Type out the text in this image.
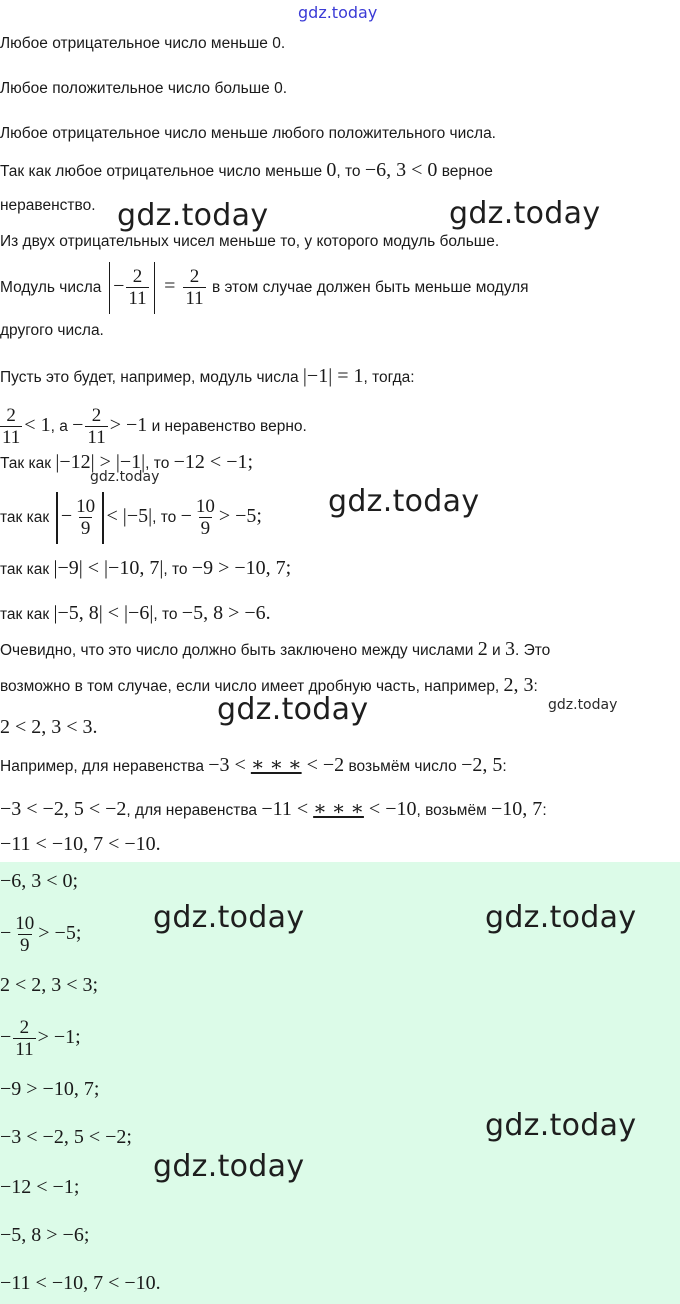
gdz.today
Любое отрицательное число меньше 0.
Любое положительное число больше 0.
Любое отрицательное число меньше любого положительного числа.
Так как любое отрицательное число меньше 0, то −6, 3 < 0 верное
неравенство.
Из двух отрицательных чисел меньше то, у которого модуль больше.
Модуль числа − $\frac{2}{11} = \frac{2}{11}$ в этом случае должен быть меньше модуля
другого числа.
Пусть это будет, например, модуль числа |−1| = 1, тогда:
$\frac{2}{11} < 1$, $а - \frac{2}{11} > -1$ и неравенство верно.
Так как |−12| > |−1|, то −12 < −1;
так как − $\frac{10}{9} < |-5|$, то − $\frac{10}{9} > -5$;
так как |−9| < |−10, 7|, то −9 > −10, 7;
так как |−5, 8| < |−6|, то −5, 8 > −6.
Очевидно, что это число должно быть заключено между числами 2 и 3. Это
возможно в том случае, если число имеет дробную часть, например, 2, 3:
2 < 2, 3 < 3.
Например, для неравенства −3 < ∗ ∗ ∗ < −2 возьмём число −2, 5:
−3 < −2, 5 < −2, для неравенства −11 < ∗ ∗ ∗ < −10, возьмём −10, 7:
−11 < −10, 7 < −10.
−6, 3 < 0;
− $\frac{10}{9} > -5$;
2 < 2, 3 < 3;
− $\frac{2}{11} > -1$;
−9 > −10, 7;
−3 < −2, 5 < −2;
−12 < −1;
−5, 8 > −6;
−11 < −10, 7 < −10.
gdz.today	gdz.today
gdz.today
gdz.today
gdz.today	gdz.today
gdz.today	gdz.today
gdz.today
gdz.today
